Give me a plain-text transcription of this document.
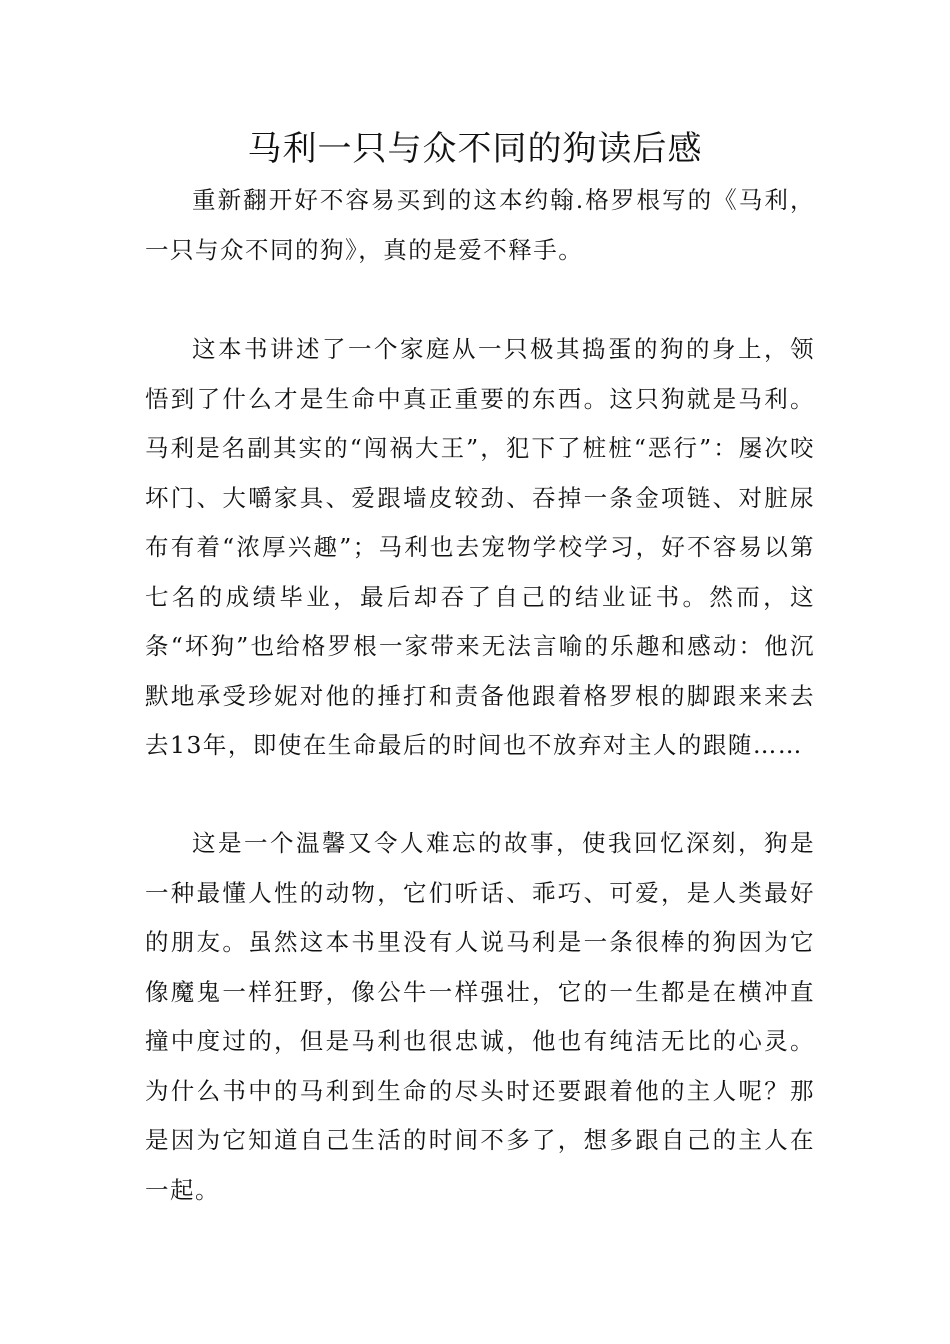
马利一只与众不同的狗读后感

重新翻开好不容易买到的这本约翰.格罗根写的《马利，一只与众不同的狗》，真的是爱不释手。

这本书讲述了一个家庭从一只极其捣蛋的狗的身上，领悟到了什么才是生命中真正重要的东西。这只狗就是马利。马利是名副其实的“闯祸大王”，犯下了桩桩“恶行”：屡次咬坏门、大嚼家具、爱跟墙皮较劲、吞掉一条金项链、对脏尿布有着“浓厚兴趣”；马利也去宠物学校学习，好不容易以第七名的成绩毕业，最后却吞了自己的结业证书。然而，这条“坏狗”也给格罗根一家带来无法言喻的乐趣和感动：他沉默地承受珍妮对他的捶打和责备他跟着格罗根的脚跟来来去去13年，即使在生命最后的时间也不放弃对主人的跟随……

这是一个温馨又令人难忘的故事，使我回忆深刻，狗是一种最懂人性的动物，它们听话、乖巧、可爱，是人类最好的朋友。虽然这本书里没有人说马利是一条很棒的狗因为它像魔鬼一样狂野，像公牛一样强壮，它的一生都是在横冲直撞中度过的，但是马利也很忠诚，他也有纯洁无比的心灵。为什么书中的马利到生命的尽头时还要跟着他的主人呢？那是因为它知道自己生活的时间不多了，想多跟自己的主人在一起。
